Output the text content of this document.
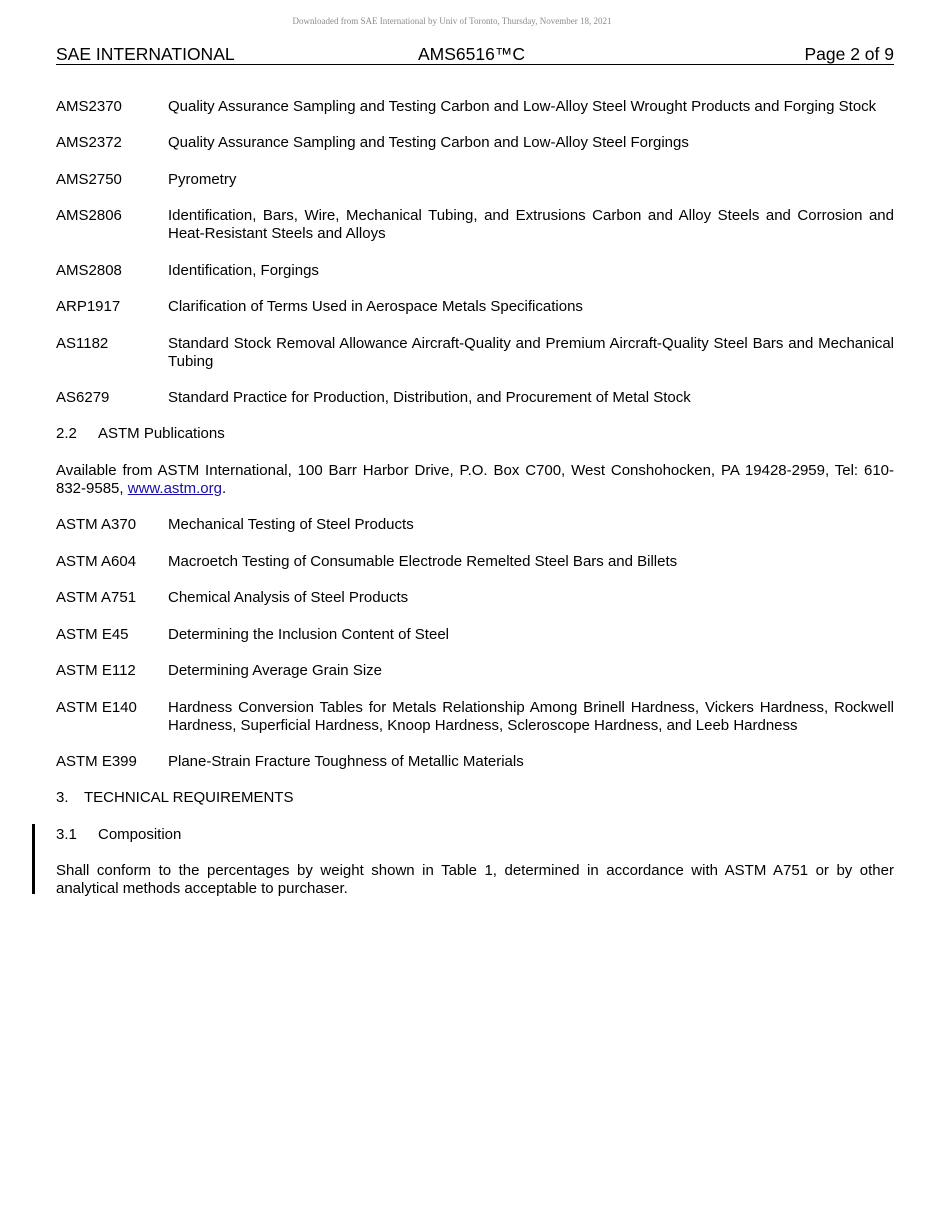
Downloaded from SAE International by Univ of Toronto, Thursday, November 18, 2021
SAE INTERNATIONAL	AMS6516™C	Page 2 of 9
AMS2370	Quality Assurance Sampling and Testing Carbon and Low-Alloy Steel Wrought Products and Forging Stock
AMS2372	Quality Assurance Sampling and Testing Carbon and Low-Alloy Steel Forgings
AMS2750	Pyrometry
AMS2806	Identification, Bars, Wire, Mechanical Tubing, and Extrusions Carbon and Alloy Steels and Corrosion and Heat-Resistant Steels and Alloys
AMS2808	Identification, Forgings
ARP1917	Clarification of Terms Used in Aerospace Metals Specifications
AS1182	Standard Stock Removal Allowance Aircraft-Quality and Premium Aircraft-Quality Steel Bars and Mechanical Tubing
AS6279	Standard Practice for Production, Distribution, and Procurement of Metal Stock
2.2 ASTM Publications
Available from ASTM International, 100 Barr Harbor Drive, P.O. Box C700, West Conshohocken, PA 19428-2959, Tel: 610-832-9585, www.astm.org.
ASTM A370	Mechanical Testing of Steel Products
ASTM A604	Macroetch Testing of Consumable Electrode Remelted Steel Bars and Billets
ASTM A751	Chemical Analysis of Steel Products
ASTM E45	Determining the Inclusion Content of Steel
ASTM E112	Determining Average Grain Size
ASTM E140	Hardness Conversion Tables for Metals Relationship Among Brinell Hardness, Vickers Hardness, Rockwell Hardness, Superficial Hardness, Knoop Hardness, Scleroscope Hardness, and Leeb Hardness
ASTM E399	Plane-Strain Fracture Toughness of Metallic Materials
3. TECHNICAL REQUIREMENTS
3.1 Composition
Shall conform to the percentages by weight shown in Table 1, determined in accordance with ASTM A751 or by other analytical methods acceptable to purchaser.
